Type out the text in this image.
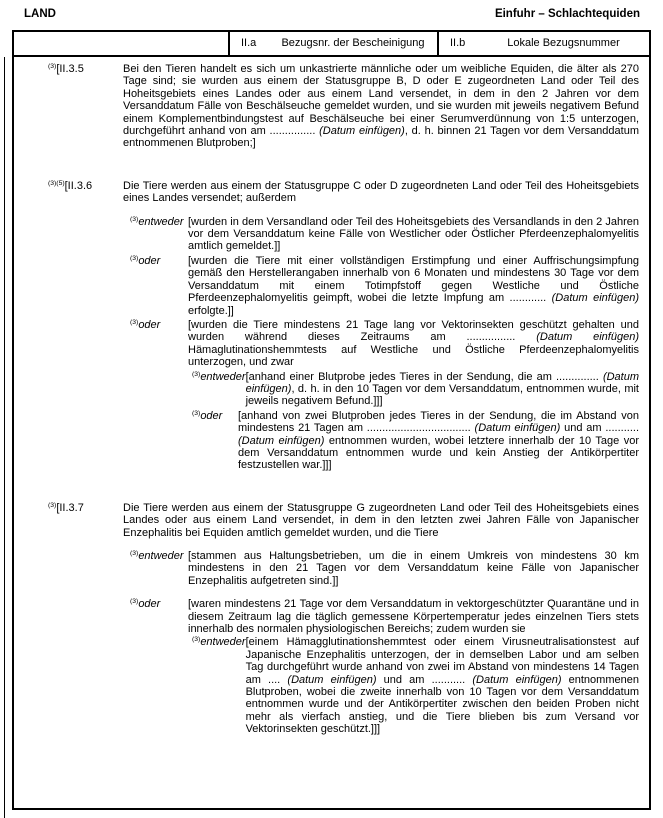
LAND	Einfuhr – Schlachtequiden
II.a	Bezugsnr. der Bescheinigung	II.b	Lokale Bezugsnummer
$^{(3)}$[II.3.5	Bei den Tieren handelt es sich um unkastrierte männliche oder um weibliche Equiden, die älter als 270 Tage sind; sie wurden aus einem der Statusgruppe B, D oder E zugeordneten Land oder Teil des Hoheitsgebiets eines Landes oder aus einem Land versendet, in dem in den 2 Jahren vor dem Versanddatum Fälle von Beschälseuche gemeldet wurden, und sie wurden mit jeweils negativem Befund einem Komplementbindungstest auf Beschälseuche bei einer Serumverdünnung von 1:5 unterzogen, durchgeführt anhand von am ............... (Datum einfügen), d. h. binnen 21 Tagen vor dem Versanddatum entnommenen Blutproben;]
$^{(3)(5)}$[II.3.6	Die Tiere werden aus einem der Statusgruppe C oder D zugeordneten Land oder Teil des Hoheitsgebiets eines Landes versendet; außerdem
$^{(3)}$entweder [wurden in dem Versandland oder Teil des Hoheitsgebiets des Versandlands in den 2 Jahren vor dem Versanddatum keine Fälle von Westlicher oder Östlicher Pferdeenzephalomyelitis amtlich gemeldet.]]
$^{(3)}$oder	[wurden die Tiere mit einer vollständigen Erstimpfung und einer Auffrischungsimpfung gemäß den Herstellerangaben innerhalb von 6 Monaten und mindestens 30 Tage vor dem Versanddatum mit einem Totimpfstoff gegen Westliche und Östliche Pferdeenzephalomyelitis geimpft, wobei die letzte Impfung am ............ (Datum einfügen) erfolgte.]]
$^{(3)}$oder	[wurden die Tiere mindestens 21 Tage lang vor Vektorinsekten geschützt gehalten und wurden während dieses Zeitraums am ................ (Datum einfügen) Hämaglutinationshemmtests auf Westliche und Östliche Pferdeenzephalomyelitis unterzogen, und zwar
$^{(3)}$entweder [anhand einer Blutprobe jedes Tieres in der Sendung, die am .............. (Datum einfügen), d. h. in den 10 Tagen vor dem Versanddatum, entnommen wurde, mit jeweils negativem Befund.]]]
$^{(3)}$oder	[anhand von zwei Blutproben jedes Tieres in der Sendung, die im Abstand von mindestens 21 Tagen am .................................. (Datum einfügen) und am ........... (Datum einfügen) entnommen wurden, wobei letztere innerhalb der 10 Tage vor dem Versanddatum entnommen wurde und kein Anstieg der Antikörpertiter festzustellen war.]]]
$^{(3)}$[II.3.7	Die Tiere werden aus einem der Statusgruppe G zugeordneten Land oder Teil des Hoheitsgebiets eines Landes oder aus einem Land versendet, in dem in den letzten zwei Jahren Fälle von Japanischer Enzephalitis bei Equiden amtlich gemeldet wurden, und die Tiere
$^{(3)}$entweder [stammen aus Haltungsbetrieben, um die in einem Umkreis von mindestens 30 km mindestens in den 21 Tagen vor dem Versanddatum keine Fälle von Japanischer Enzephalitis aufgetreten sind.]]
$^{(3)}$oder	[waren mindestens 21 Tage vor dem Versanddatum in vektorgeschützter Quarantäne und in diesem Zeitraum lag die täglich gemessene Körpertemperatur jedes einzelnen Tiers stets innerhalb des normalen physiologischen Bereichs; zudem wurden sie
$^{(3)}$entweder [einem Hämagglutinationshemmtest oder einem Virusneutralisationstest auf Japanische Enzephalitis unterzogen, der in demselben Labor und am selben Tag durchgeführt wurde anhand von zwei im Abstand von mindestens 14 Tagen am .... (Datum einfügen) und am ........... (Datum einfügen) entnommenen Blutproben, wobei die zweite innerhalb von 10 Tagen vor dem Versanddatum entnommen wurde und der Antikörpertiter zwischen den beiden Proben nicht mehr als vierfach anstieg, und die Tiere blieben bis zum Versand vor Vektorinsekten geschützt.]]]
